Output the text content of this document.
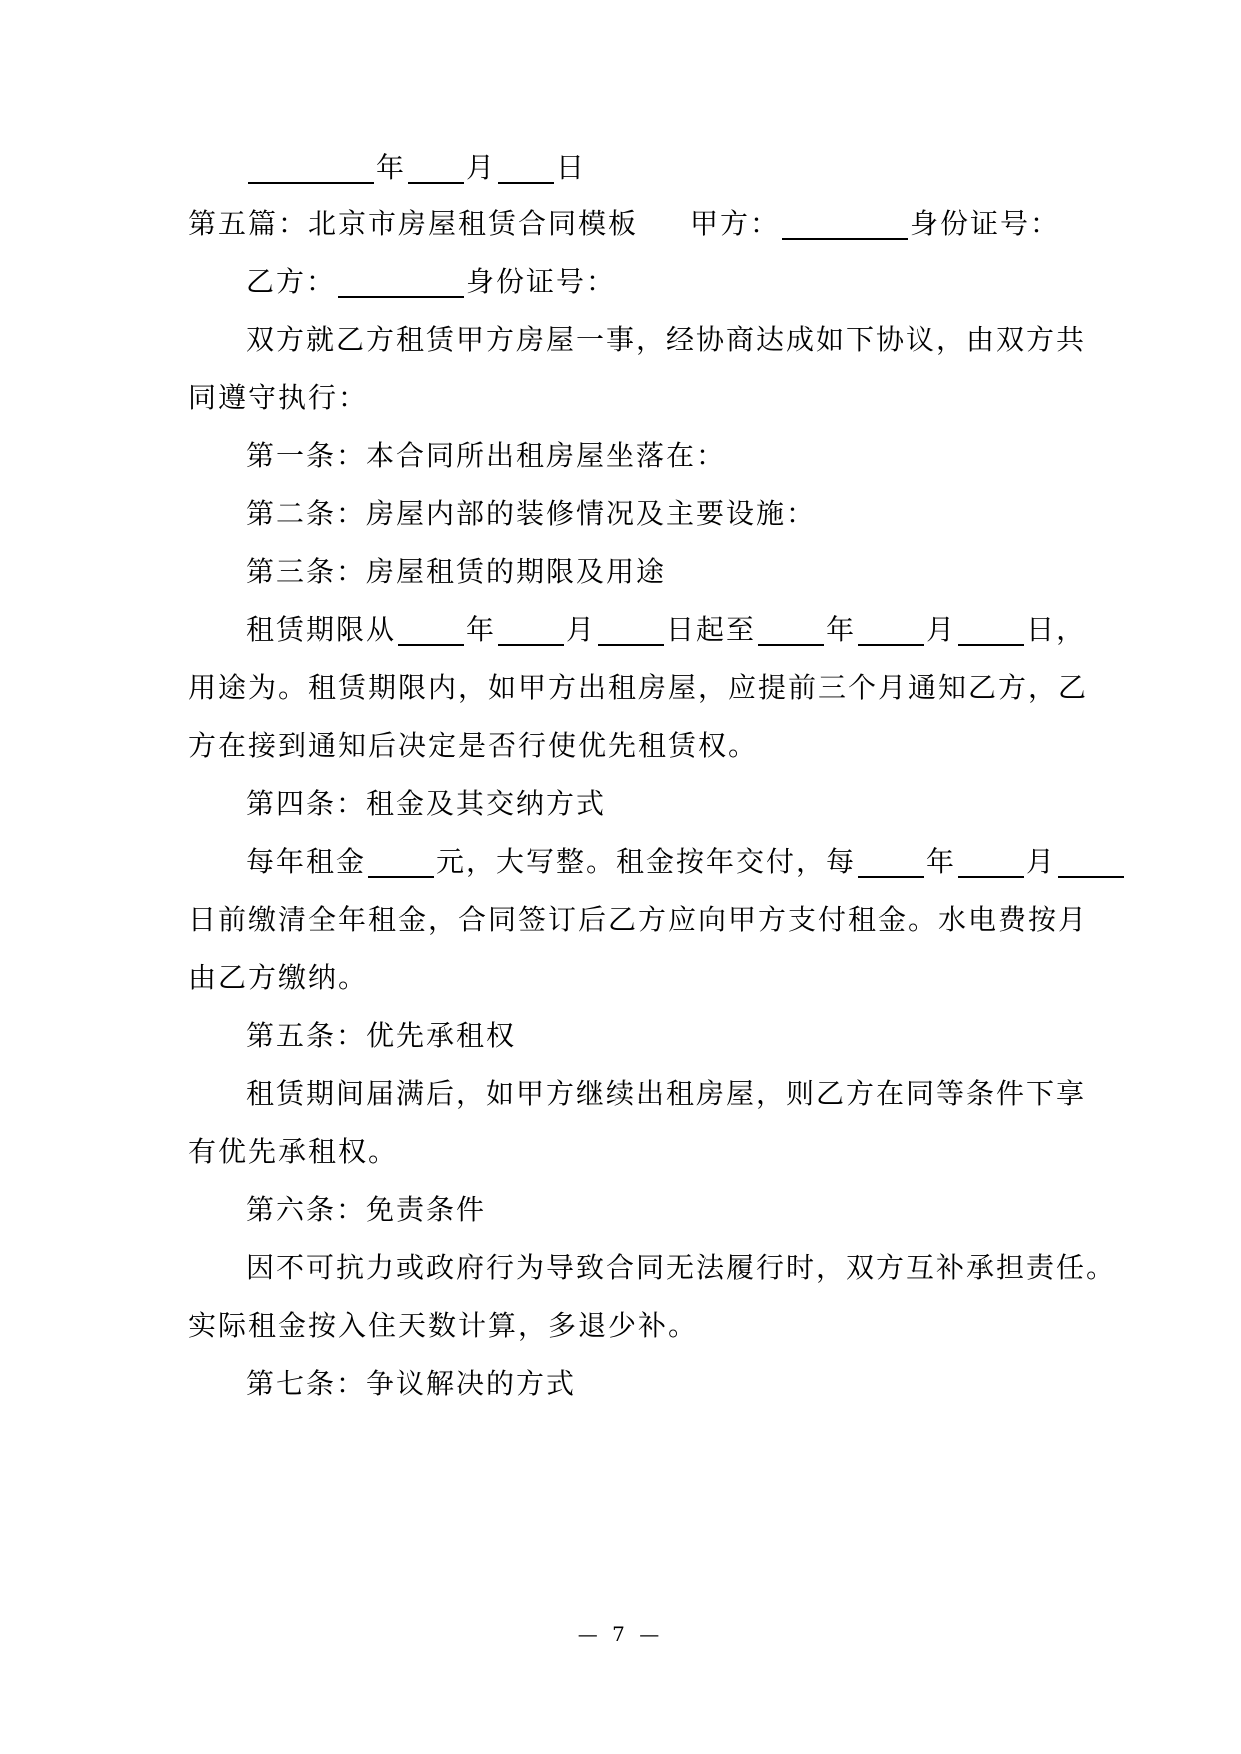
年 月 日
第五篇：北京市房屋租赁合同模板 甲方：	身份证号：
乙方：	身份证号：
双方就乙方租赁甲方房屋一事，经协商达成如下协议，由双方共
同遵守执行：
第一条：本合同所出租房屋坐落在：
第二条：房屋内部的装修情况及主要设施：
第三条：房屋租赁的期限及用途
租赁期限从	年	月	日起至	年	月	日，
用途为。租赁期限内，如甲方出租房屋，应提前三个月通知乙方，乙
方在接到通知后决定是否行使优先租赁权。
第四条：租金及其交纳方式
每年租金	元，大写整。租金按年交付，每	年	月
日前缴清全年租金，合同签订后乙方应向甲方支付租金。水电费按月
由乙方缴纳。
第五条：优先承租权
租赁期间届满后，如甲方继续出租房屋，则乙方在同等条件下享
有优先承租权。
第六条：免责条件
因不可抗力或政府行为导致合同无法履行时，双方互补承担责任。
实际租金按入住天数计算，多退少补。
第七条：争议解决的方式
— 7 —
